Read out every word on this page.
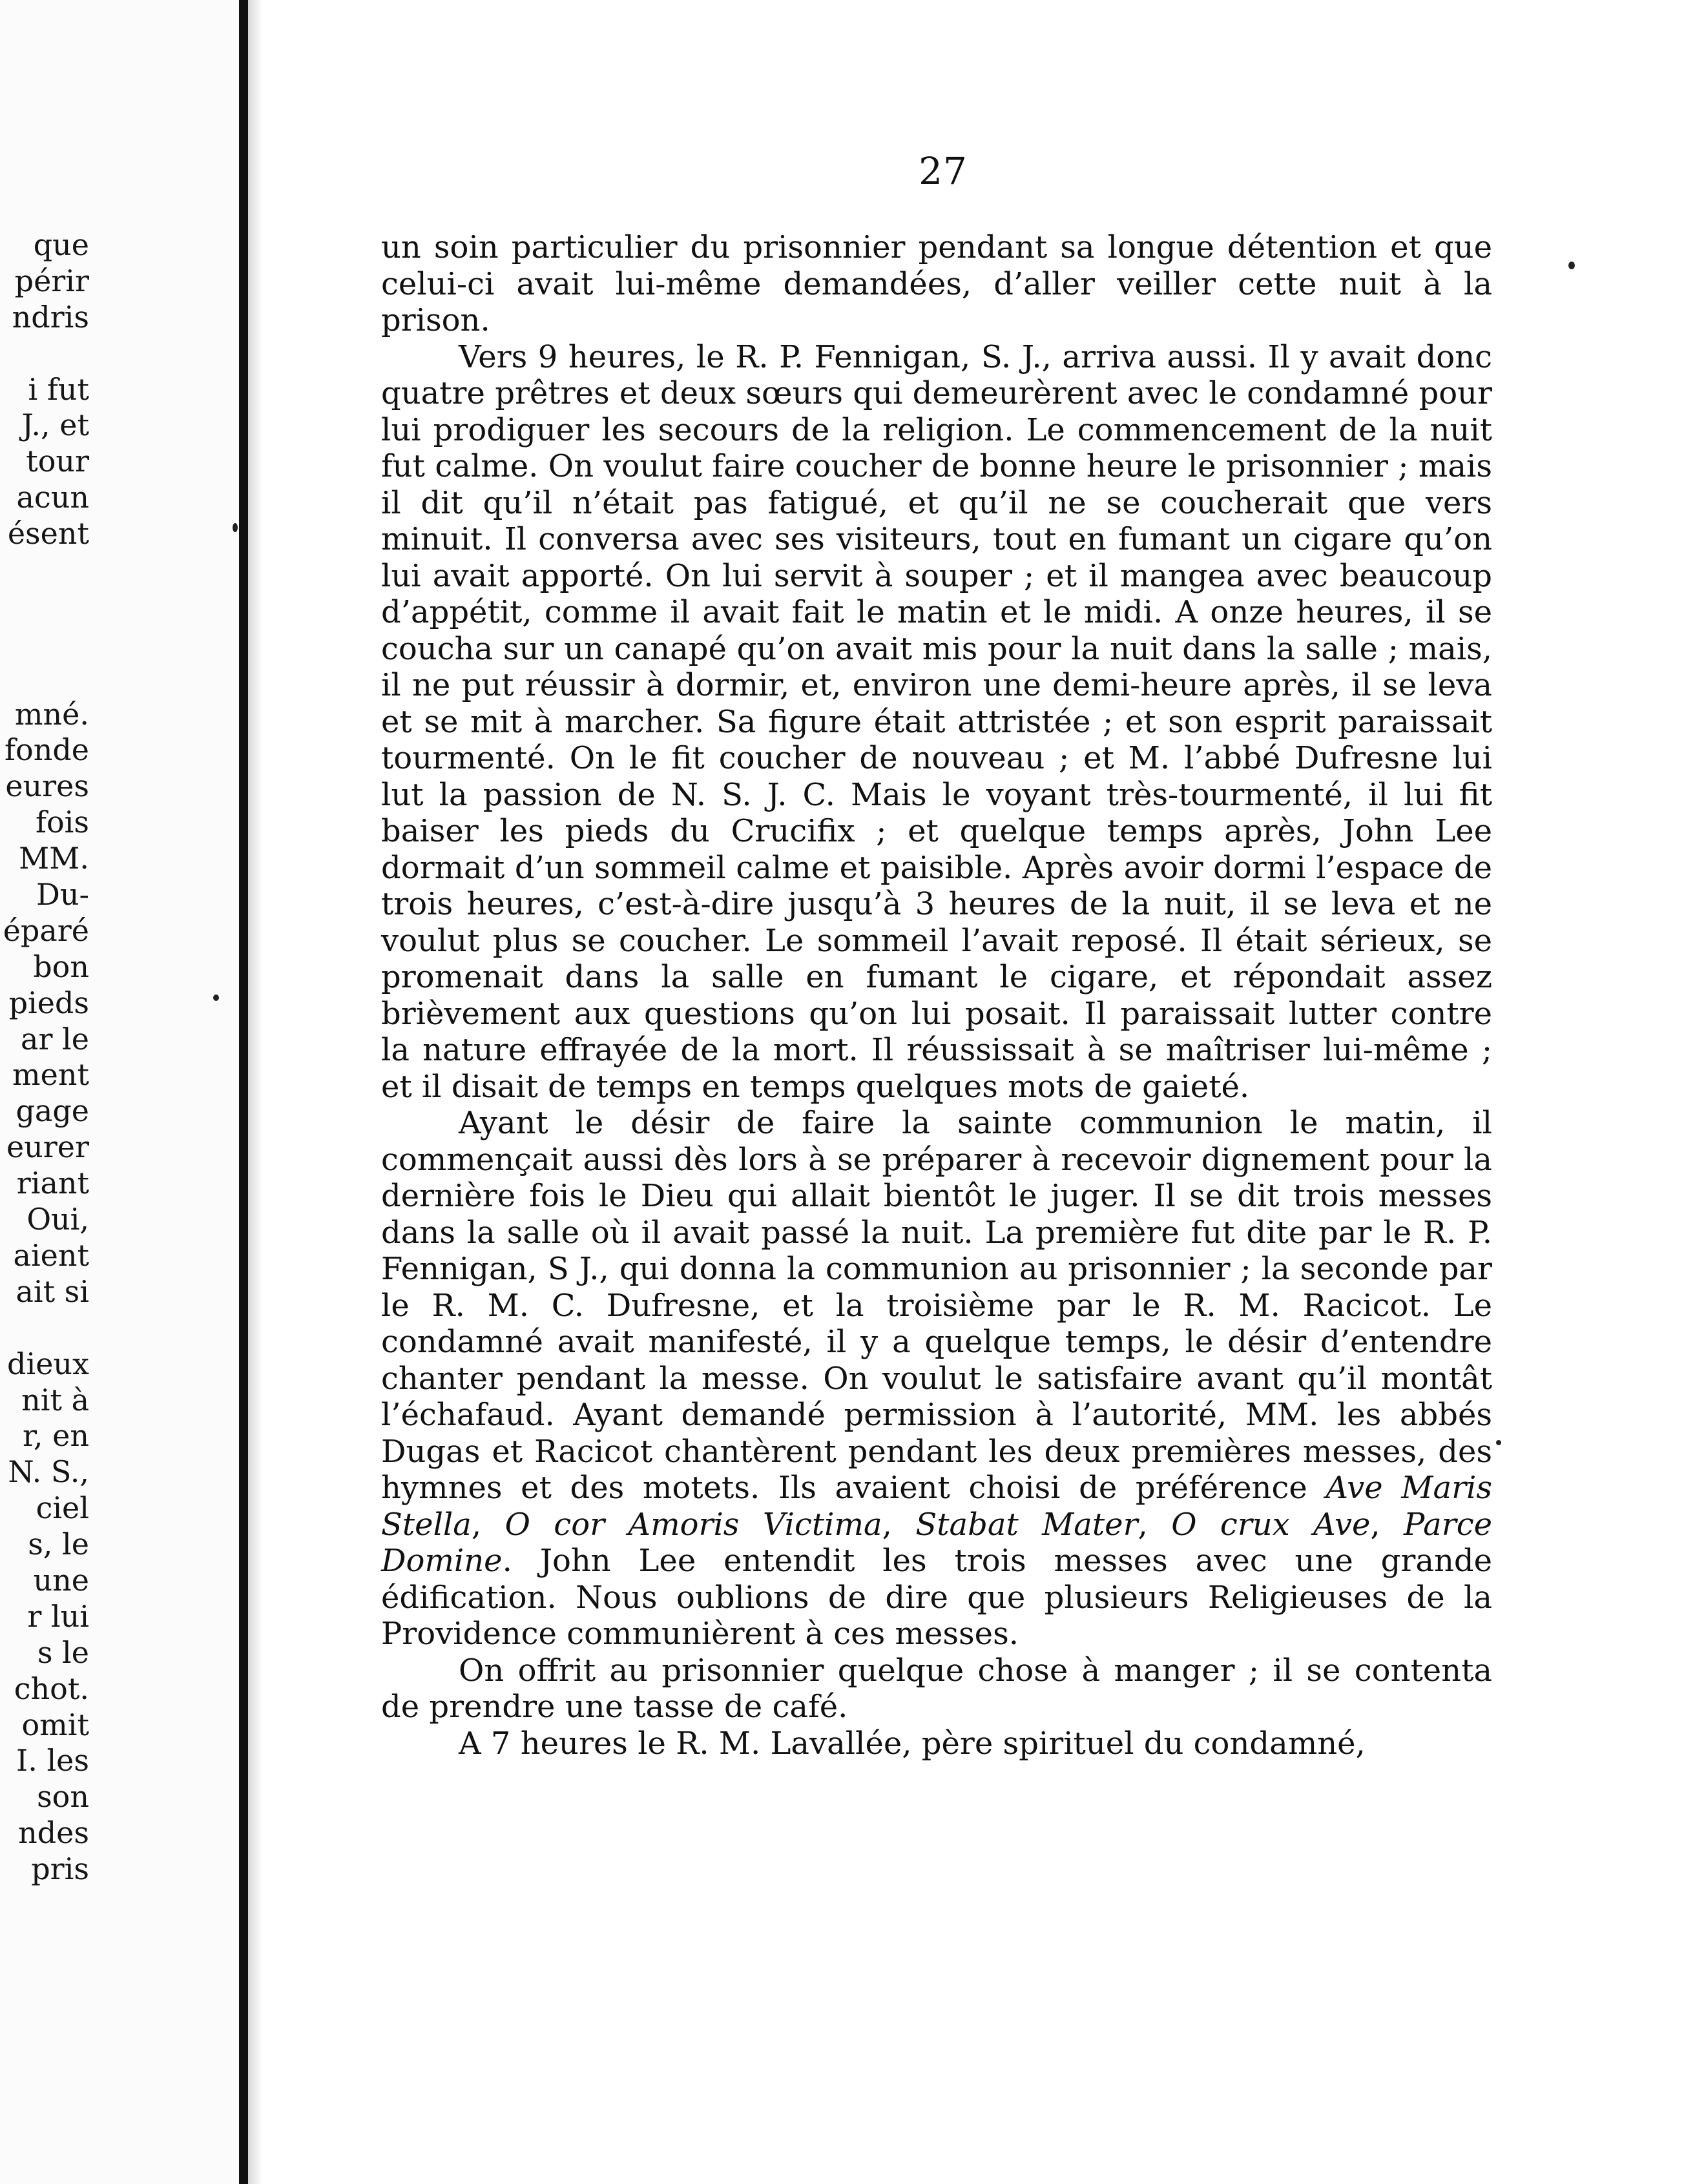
que
périr
ndris
i fut
J., et
tour
acun
ésent
mné.
fonde
eures
fois
MM.
Du-
éparé
bon
pieds
ar le
ment
gage
eurer
riant
Oui,
aient
ait si
dieux
nit à
r, en
N. S.,
ciel
s, le
une
r lui
s le
chot.
omit
I. les
son
ndes
pris
27

un soin particulier du prisonnier pendant sa longue détention et que celui-ci avait lui-même demandées, d’aller veiller cette nuit à la prison.

Vers 9 heures, le R. P. Fennigan, S. J., arriva aussi. Il y avait donc quatre prêtres et deux sœurs qui demeurèrent avec le condamné pour lui prodiguer les secours de la religion. Le commencement de la nuit fut calme. On voulut faire coucher de bonne heure le prisonnier ; mais il dit qu’il n’était pas fatigué, et qu’il ne se coucherait que vers minuit. Il conversa avec ses visiteurs, tout en fumant un cigare qu’on lui avait apporté. On lui servit à souper ; et il mangea avec beaucoup d’appétit, comme il avait fait le matin et le midi. A onze heures, il se coucha sur un canapé qu’on avait mis pour la nuit dans la salle ; mais, il ne put réussir à dormir, et, environ une demi-heure après, il se leva et se mit à marcher. Sa figure était attristée ; et son esprit paraissait tourmenté. On le fit coucher de nouveau ; et M. l’abbé Dufresne lui lut la passion de N. S. J. C. Mais le voyant très-tourmenté, il lui fit baiser les pieds du Crucifix ; et quelque temps après, John Lee dormait d’un sommeil calme et paisible. Après avoir dormi l’espace de trois heures, c’est-à-dire jusqu’à 3 heures de la nuit, il se leva et ne voulut plus se coucher. Le sommeil l’avait reposé. Il était sérieux, se promenait dans la salle en fumant le cigare, et répondait assez brièvement aux questions qu’on lui posait. Il paraissait lutter contre la nature effrayée de la mort. Il réussissait à se maîtriser lui-même ; et il disait de temps en temps quelques mots de gaieté.

Ayant le désir de faire la sainte communion le matin, il commençait aussi dès lors à se préparer à recevoir dignement pour la dernière fois le Dieu qui allait bientôt le juger. Il se dit trois messes dans la salle où il avait passé la nuit. La première fut dite par le R. P. Fennigan, S J., qui donna la communion au prisonnier ; la seconde par le R. M. C. Dufresne, et la troisième par le R. M. Racicot. Le condamné avait manifesté, il y a quelque temps, le désir d’entendre chanter pendant la messe. On voulut le satisfaire avant qu’il montât l’échafaud. Ayant demandé permission à l’autorité, MM. les abbés Dugas et Racicot chantèrent pendant les deux premières messes, des hymnes et des motets. Ils avaient choisi de préférence Ave Maris Stella, O cor Amoris Victima, Stabat Mater, O crux Ave, Parce Domine. John Lee entendit les trois messes avec une grande édification. Nous oublions de dire que plusieurs Religieuses de la Providence communièrent à ces messes.

On offrit au prisonnier quelque chose à manger ; il se contenta de prendre une tasse de café.

A 7 heures le R. M. Lavallée, père spirituel du condamné,
